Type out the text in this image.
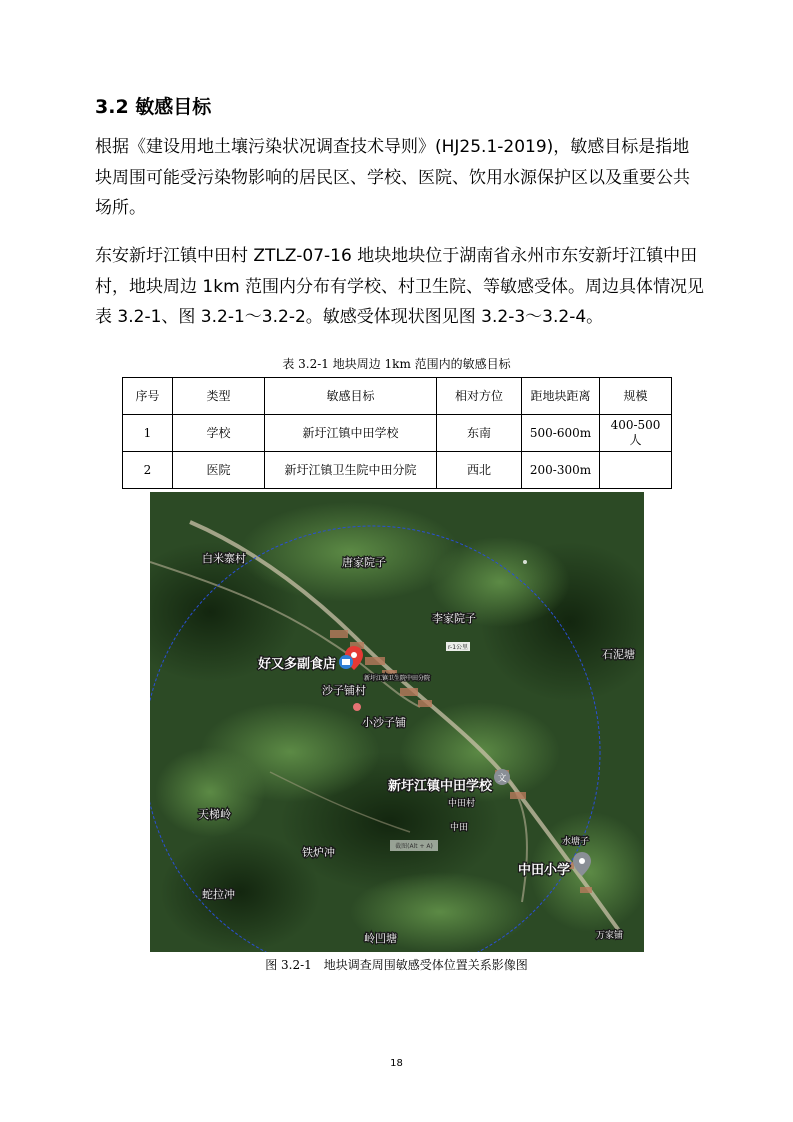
3.2 敏感目标

根据《建设用地土壤污染状况调查技术导则》(HJ25.1-2019)，敏感目标是指地块周围可能受污染物影响的居民区、学校、医院、饮用水源保护区以及重要公共场所。

东安新圩江镇中田村 ZTLZ-07-16 地块地块位于湖南省永州市东安新圩江镇中田村，地块周边 1km 范围内分布有学校、村卫生院、等敏感受体。周边具体情况见表 3.2-1、图 3.2-1～3.2-2。敏感受体现状图见图 3.2-3～3.2-4。

表 3.2-1 地块周边 1km 范围内的敏感目标
序号	类型	敏感目标	相对方位	距地块距离	规模
1	学校	新圩江镇中田学校	东南	500-600m	400-500 人
2	医院	新圩江镇卫生院中田分院	西北	200-300m	
文
r-1公里
白米寨村	唐家院子
李家院子
石泥塘
好又多副食店
新圩江镇卫生院中田分院
沙子铺村
小沙子铺
新圩江镇中田学校
中田村
中田
天梯岭
铁炉冲
水塘子
中田小学
蛇拉冲
岭凹塘	万家铺
截图(Alt + A)
图 3.2-1　地块调查周围敏感受体位置关系影像图
18
